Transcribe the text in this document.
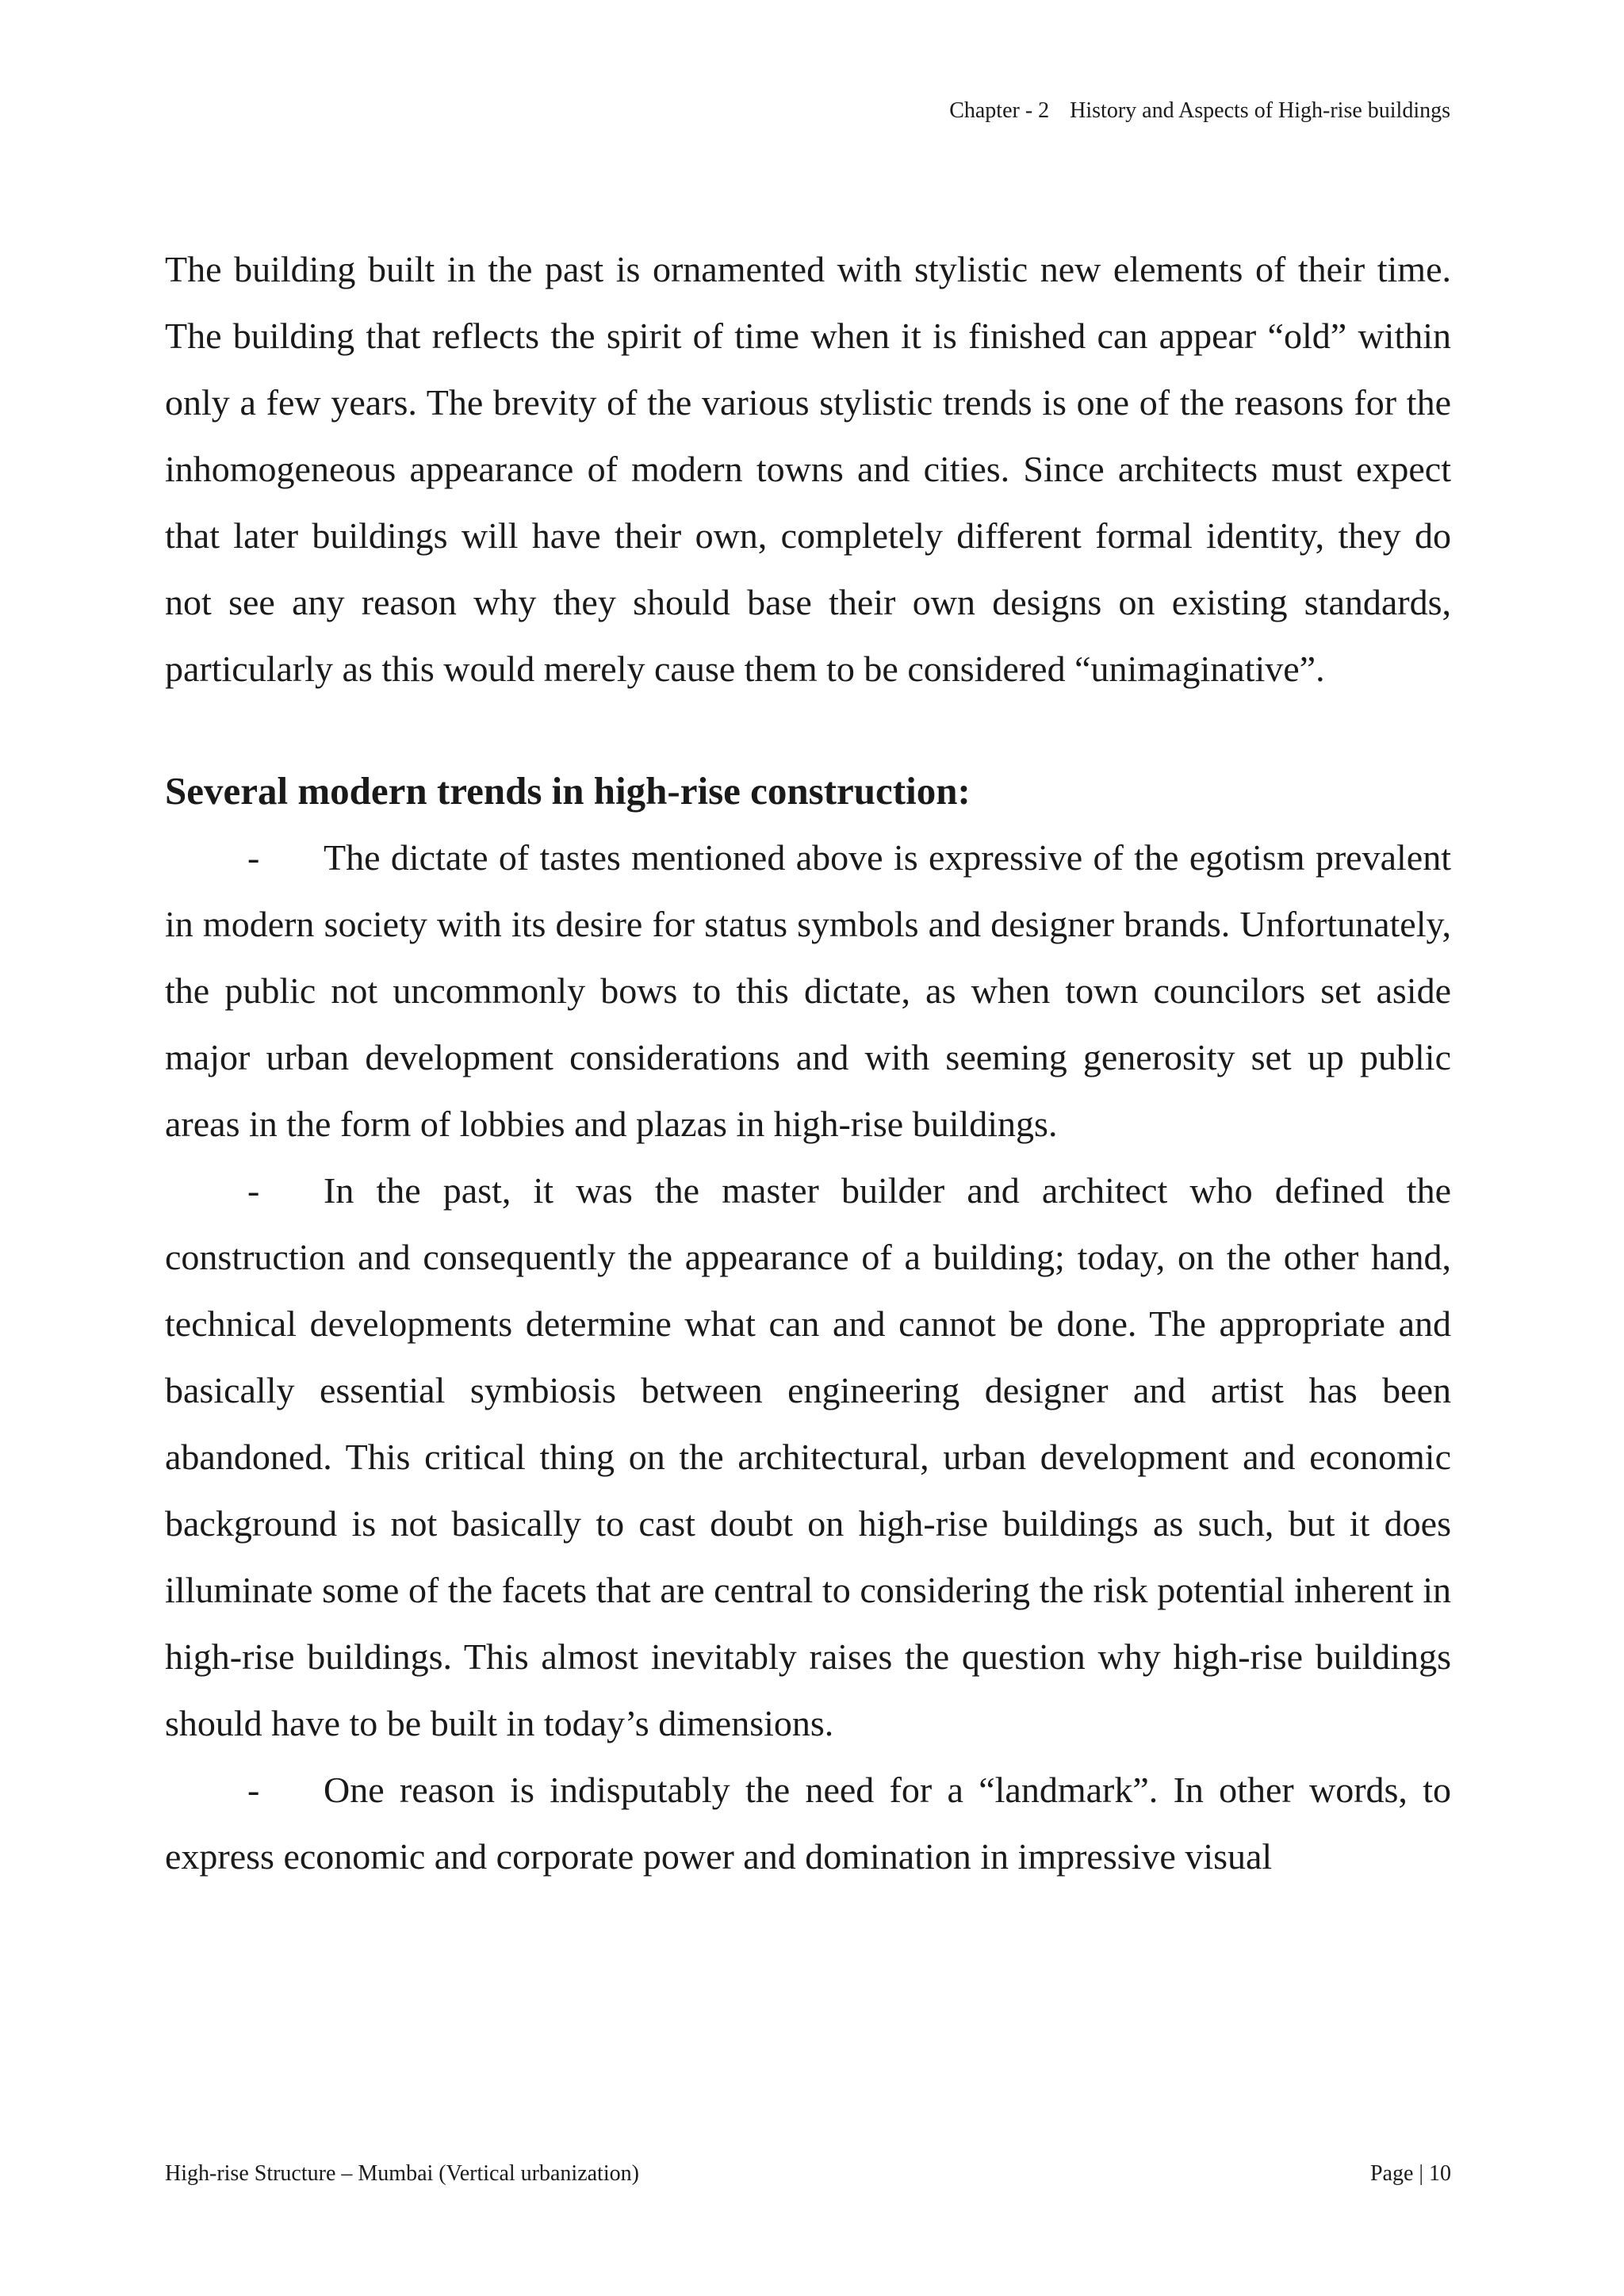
Chapter - 2 History and Aspects of High-rise buildings

The building built in the past is ornamented with stylistic new elements of their time. The building that reflects the spirit of time when it is finished can appear “old” within only a few years. The brevity of the various stylistic trends is one of the reasons for the inhomogeneous appearance of modern towns and cities. Since architects must expect that later buildings will have their own, completely different formal identity, they do not see any reason why they should base their own designs on existing standards, particularly as this would merely cause them to be considered “unimaginative”.

Several modern trends in high-rise construction:

- The dictate of tastes mentioned above is expressive of the egotism prevalent in modern society with its desire for status symbols and designer brands. Unfortunately, the public not uncommonly bows to this dictate, as when town councilors set aside major urban development considerations and with seeming generosity set up public areas in the form of lobbies and plazas in high-rise buildings.

- In the past, it was the master builder and architect who defined the construction and consequently the appearance of a building; today, on the other hand, technical developments determine what can and cannot be done. The appropriate and basically essential symbiosis between engineering designer and artist has been abandoned. This critical thing on the architectural, urban development and economic background is not basically to cast doubt on high-rise buildings as such, but it does illuminate some of the facets that are central to considering the risk potential inherent in high-rise buildings. This almost inevitably raises the question why high-rise buildings should have to be built in today’s dimensions.

- One reason is indisputably the need for a “landmark”. In other words, to express economic and corporate power and domination in impressive visual

High-rise Structure – Mumbai (Vertical urbanization)	Page | 10
